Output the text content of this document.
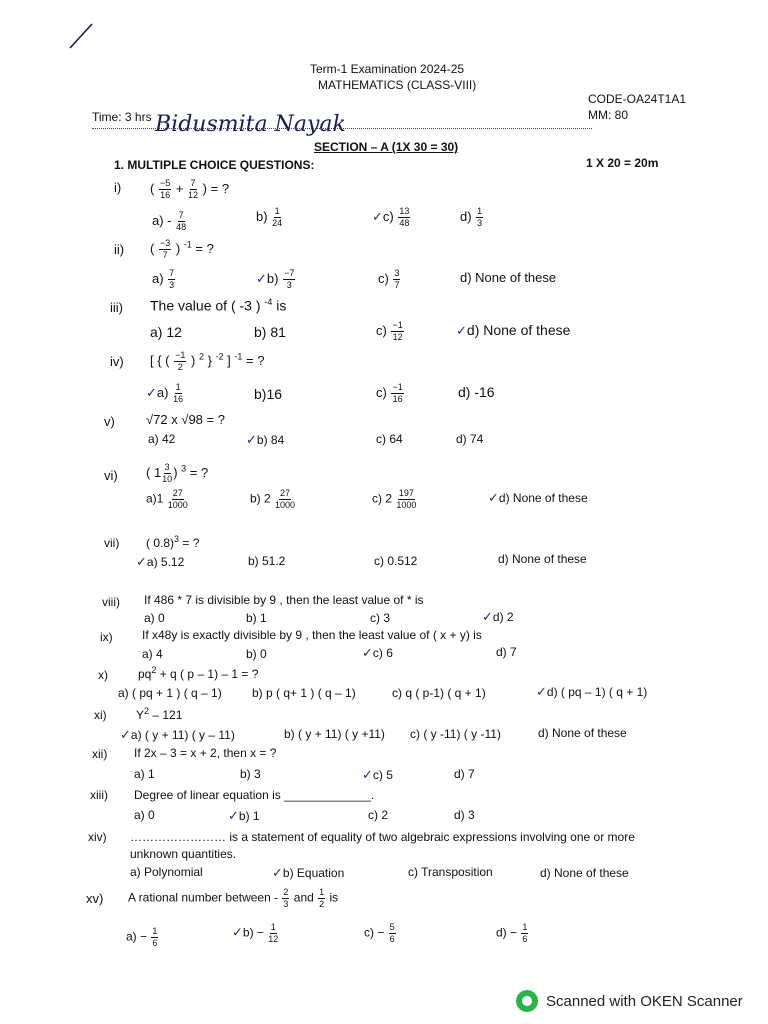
Term-1 Examination 2024-25
MATHEMATICS (CLASS-VIII)
CODE-OA24T1A1
Time: 3 hrs	MM: 80
Bidusmita Nayak
SECTION – A (1X 30 = 30)
1. MULTIPLE CHOICE QUESTIONS:	1 X 20 = 20m
i) ( $\frac{-5}{16} + \frac{7}{12}$ ) = ?
$a) - \frac{7}{48}$	$b) \frac{1}{24}$	✓c) $\frac{13}{48}$	$d) \frac{1}{3}$
ii) ( $\frac{-3}{7}$ ) $^{-1}$ = ?
$a) \frac{7}{3}$	✓b) $\frac{-7}{3}$	$c) \frac{3}{7}$	d) None of these
iii) The value of ( -3 ) $^{-4}$ is
a) 12	b) 81	$c) \frac{-1}{12}$	✓d) None of these
iv) [ { ( $\frac{-1}{2}$ ) $^2$ } $^{-2}$ ] $^{-1}$ = ?
✓a) $\frac{1}{16}$	b)16	$c) \frac{-1}{16}$	d) -16
v) √72 x √98 = ?
a) 42	✓b) 84	c) 64	d) 74
vi) ( $1 \frac{3}{10}$ ) $^3$ = ?
$a)1 \frac{27}{1000}$	b) $2 \frac{27}{1000}$	c) $2 \frac{197}{1000}$	✓d) None of these
vii) ( 0.8)$^3$ = ?
✓a) 5.12	b) 51.2	c) 0.512	d) None of these
viii) If 486 * 7 is divisible by 9 , then the least value of * is
a) 0	b) 1	c) 3	✓d) 2
ix) If x48y is exactly divisible by 9 , then the least value of ( x + y) is
a) 4	b) 0	✓c) 6	d) 7
x)	$pq^2 + q$ ( p – 1) – 1 = ?
a) ( pq + 1 ) ( q – 1)	b) p ( q+ 1 ) ( q – 1)	c) q ( p-1) ( q + 1)	✓d) ( pq – 1) ( q + 1)
xi) $Y^2 - 121$
✓a) ( y + 11) ( y – 11)	b) ( y + 11) ( y +11) c) ( y -11) ( y -11)	d) None of these
xii) If 2x – 3 = x + 2, then x = ?
a) 1	b) 3	✓c) 5	d) 7
xiii) Degree of linear equation is _____________.
a) 0	✓b) 1	c) 2	d) 3
xiv) …………………… is a statement of equality of two algebraic expressions involving one or more
unknown quantities.
a) Polynomial	✓b) Equation	c) Transposition	d) None of these
xv) A rational number between - $\frac{2}{3}$ and $\frac{1}{2}$ is
$a) - \frac{1}{6}$	✓b) − $\frac{1}{12}$	$c) - \frac{5}{6}$	$d) - \frac{1}{6}$
Scanned with OKEN Scanner
